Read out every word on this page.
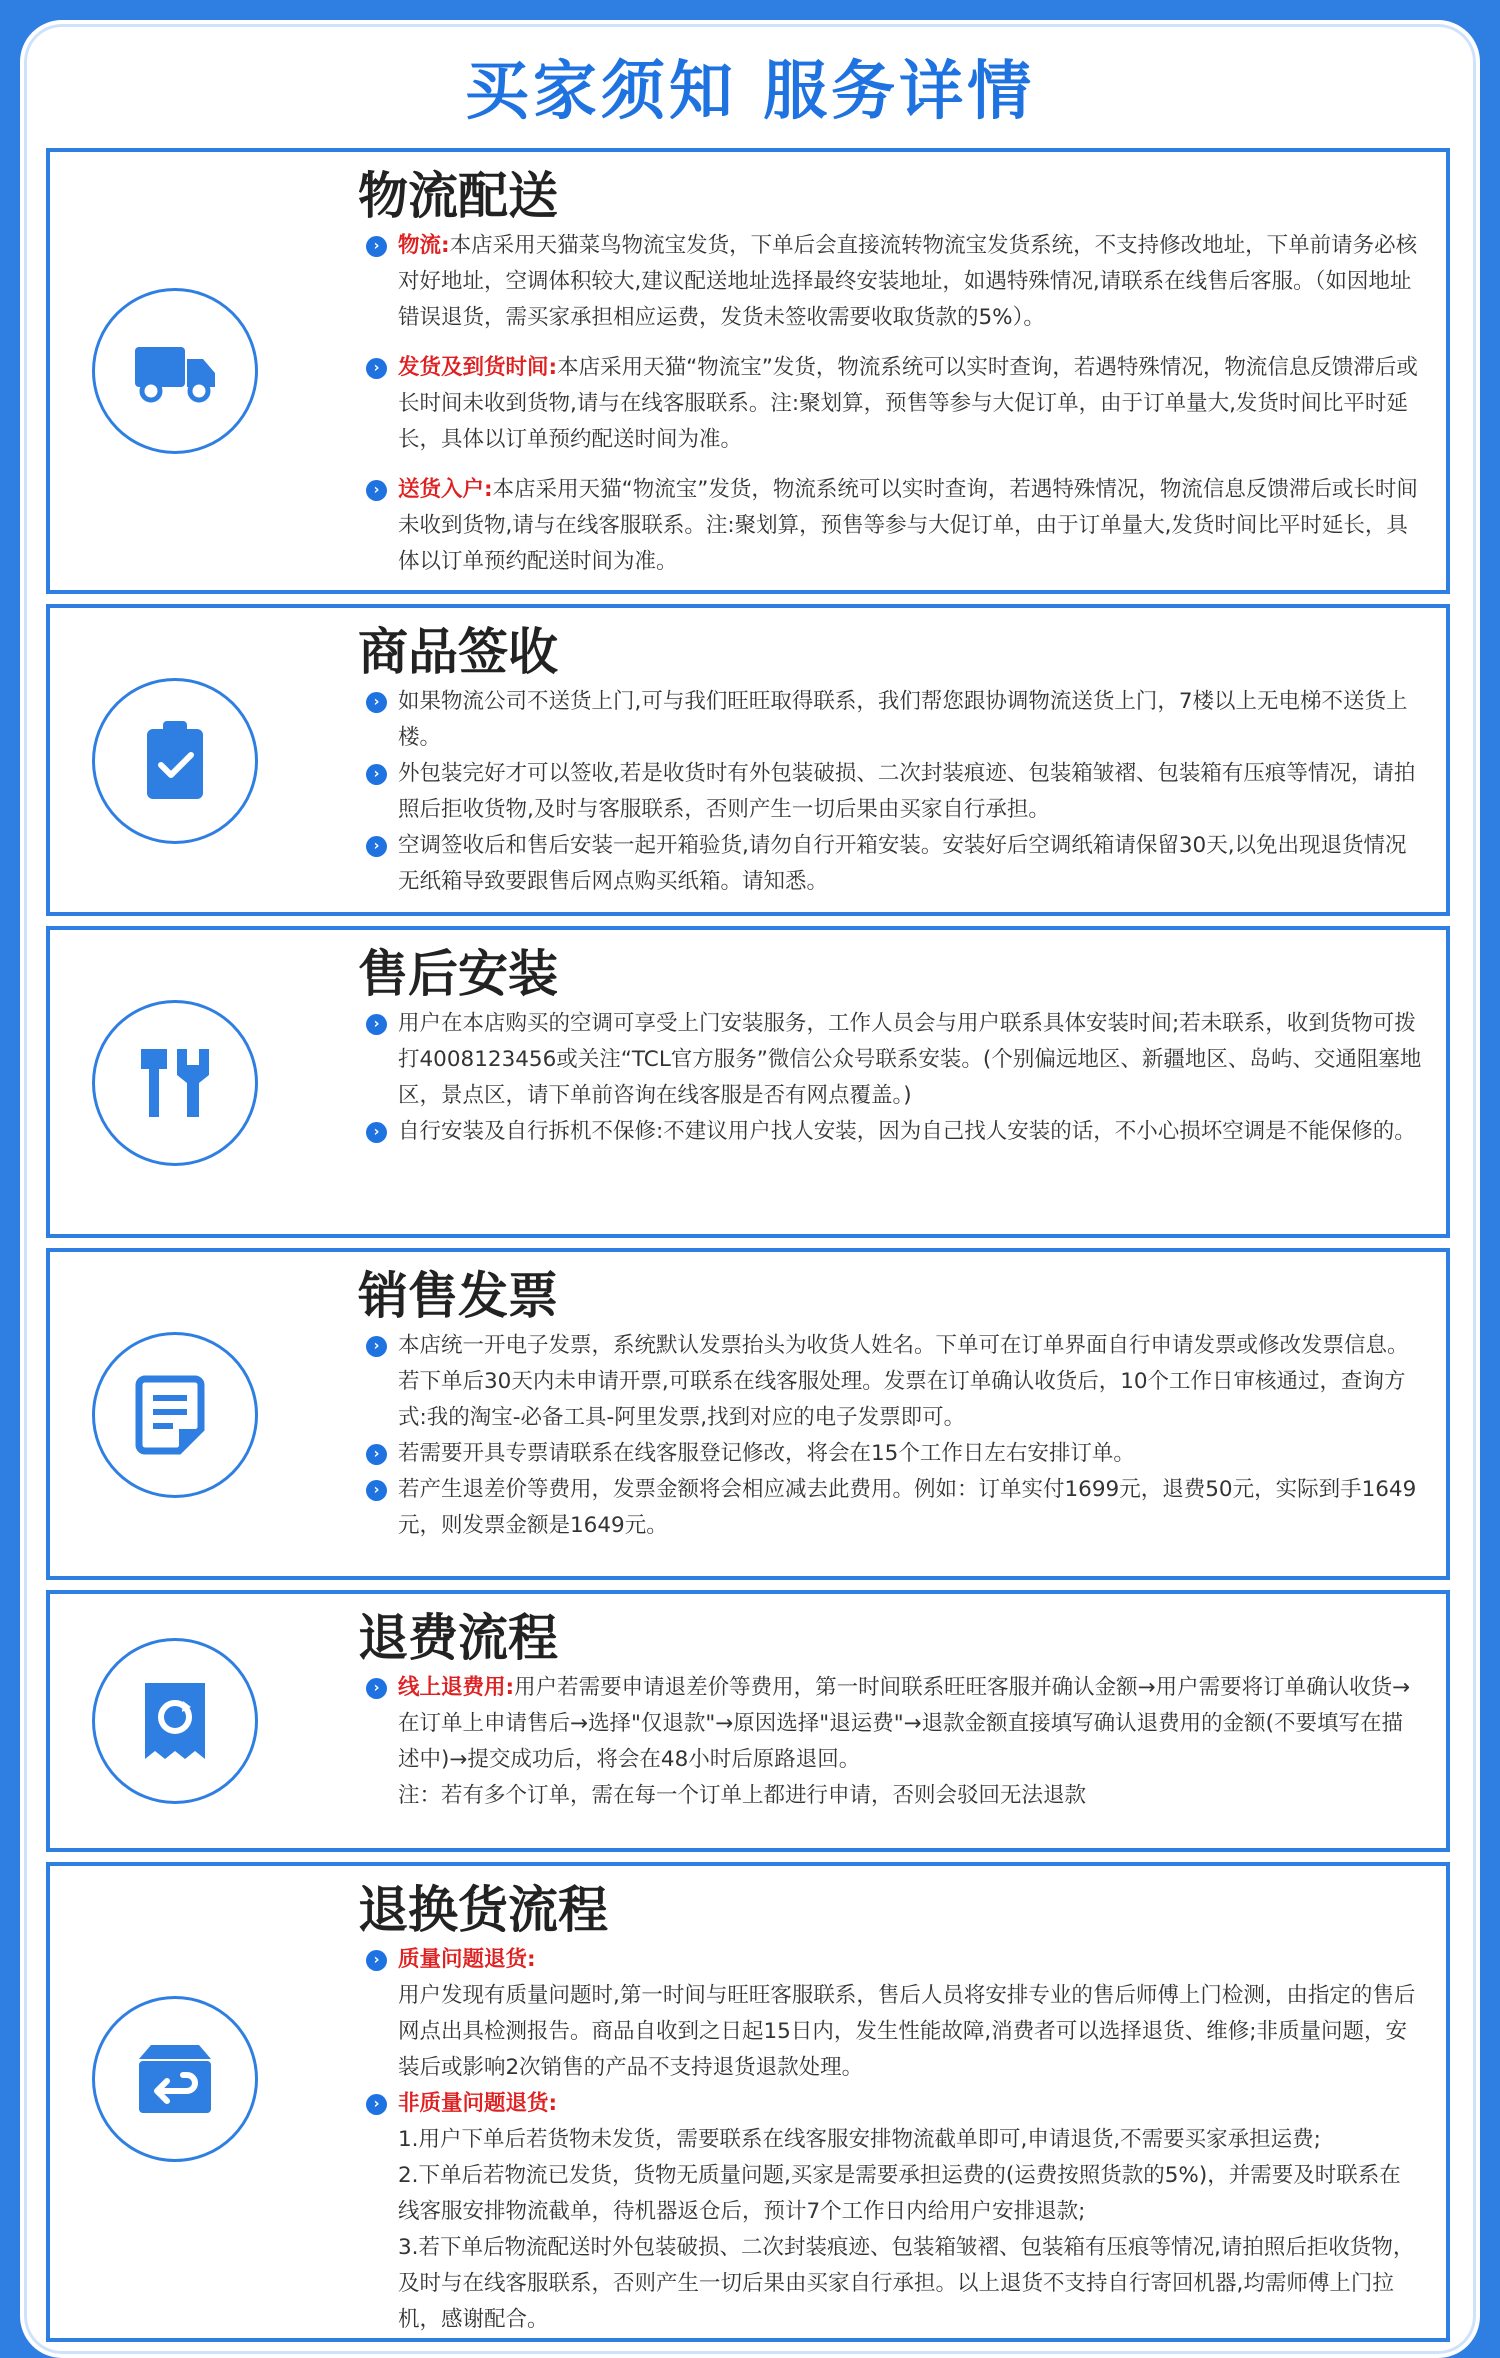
买家须知 服务详情
物流配送
› 物流:本店采用天猫菜鸟物流宝发货，下单后会直接流转物流宝发货系统，不支持修改地址，下单前请务必核对好地址，空调体积较大,建议配送地址选择最终安装地址，如遇特殊情况,请联系在线售后客服。（如因地址错误退货，需买家承担相应运费，发货未签收需要收取货款的5%）。
› 发货及到货时间:本店采用天猫“物流宝”发货，物流系统可以实时查询，若遇特殊情况，物流信息反馈滞后或长时间未收到货物,请与在线客服联系。注:聚划算，预售等参与大促订单，由于订单量大,发货时间比平时延长，具体以订单预约配送时间为准。
› 送货入户:本店采用天猫“物流宝”发货，物流系统可以实时查询，若遇特殊情况，物流信息反馈滞后或长时间未收到货物,请与在线客服联系。注:聚划算，预售等参与大促订单，由于订单量大,发货时间比平时延长，具体以订单预约配送时间为准。
商品签收
› 如果物流公司不送货上门,可与我们旺旺取得联系，我们帮您跟协调物流送货上门，7楼以上无电梯不送货上楼。
› 外包装完好才可以签收,若是收货时有外包装破损、二次封装痕迹、包装箱皱褶、包装箱有压痕等情况，请拍照后拒收货物,及时与客服联系，否则产生一切后果由买家自行承担。
› 空调签收后和售后安装一起开箱验货,请勿自行开箱安装。安装好后空调纸箱请保留30天,以免出现退货情况无纸箱导致要跟售后网点购买纸箱。请知悉。
售后安装
› 用户在本店购买的空调可享受上门安装服务，工作人员会与用户联系具体安装时间;若未联系，收到货物可拨打4008123456或关注“TCL官方服务”微信公众号联系安装。(个别偏远地区、新疆地区、岛屿、交通阻塞地区，景点区，请下单前咨询在线客服是否有网点覆盖。)
› 自行安装及自行拆机不保修:不建议用户找人安装，因为自己找人安装的话，不小心损坏空调是不能保修的。
销售发票
› 本店统一开电子发票，系统默认发票抬头为收货人姓名。下单可在订单界面自行申请发票或修改发票信息。若下单后30天内未申请开票,可联系在线客服处理。发票在订单确认收货后，10个工作日审核通过，查询方式:我的淘宝-必备工具-阿里发票,找到对应的电子发票即可。
› 若需要开具专票请联系在线客服登记修改，将会在15个工作日左右安排订单。
› 若产生退差价等费用，发票金额将会相应减去此费用。例如：订单实付1699元，退费50元，实际到手1649元，则发票金额是1649元。
退费流程
› 线上退费用:用户若需要申请退差价等费用，第一时间联系旺旺客服并确认金额→用户需要将订单确认收货→在订单上申请售后→选择"仅退款"→原因选择"退运费"→退款金额直接填写确认退费用的金额(不要填写在描述中)→提交成功后，将会在48小时后原路退回。
注：若有多个订单，需在每一个订单上都进行申请，否则会驳回无法退款
退换货流程
› 质量问题退货:
用户发现有质量问题时,第一时间与旺旺客服联系，售后人员将安排专业的售后师傅上门检测，由指定的售后网点出具检测报告。商品自收到之日起15日内，发生性能故障,消费者可以选择退货、维修;非质量问题，安装后或影响2次销售的产品不支持退货退款处理。
› 非质量问题退货:
1.用户下单后若货物未发货，需要联系在线客服安排物流截单即可,申请退货,不需要买家承担运费;
2.下单后若物流已发货，货物无质量问题,买家是需要承担运费的(运费按照货款的5%)，并需要及时联系在线客服安排物流截单，待机器返仓后，预计7个工作日内给用户安排退款;
3.若下单后物流配送时外包装破损、二次封装痕迹、包装箱皱褶、包装箱有压痕等情况,请拍照后拒收货物，及时与在线客服联系，否则产生一切后果由买家自行承担。以上退货不支持自行寄回机器,均需师傅上门拉机，感谢配合。
